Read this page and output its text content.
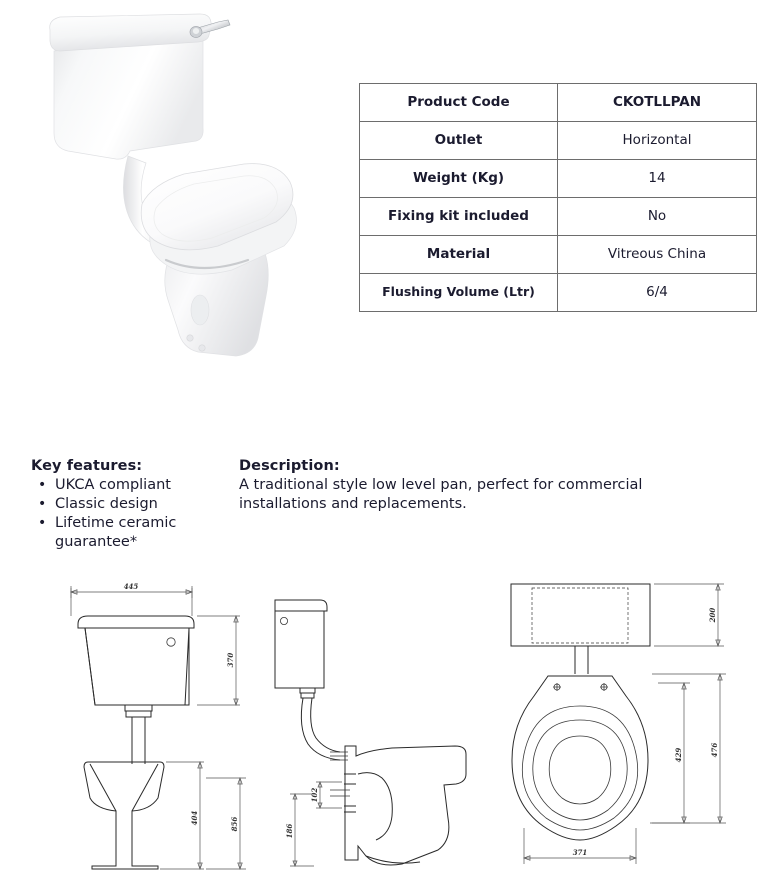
Product Code	CKOTLLPAN
Outlet	Horizontal
Weight (Kg)	14
Fixing kit included	No
Material	Vitreous China
Flushing Volume (Ltr)	6/4

Key features:

• UKCA compliant
• Classic design
• Lifetime ceramic guarantee*

Description:

A traditional style low level pan, perfect for commercial installations and replacements.

445
370
404	856
102
186
200
429	476
371
